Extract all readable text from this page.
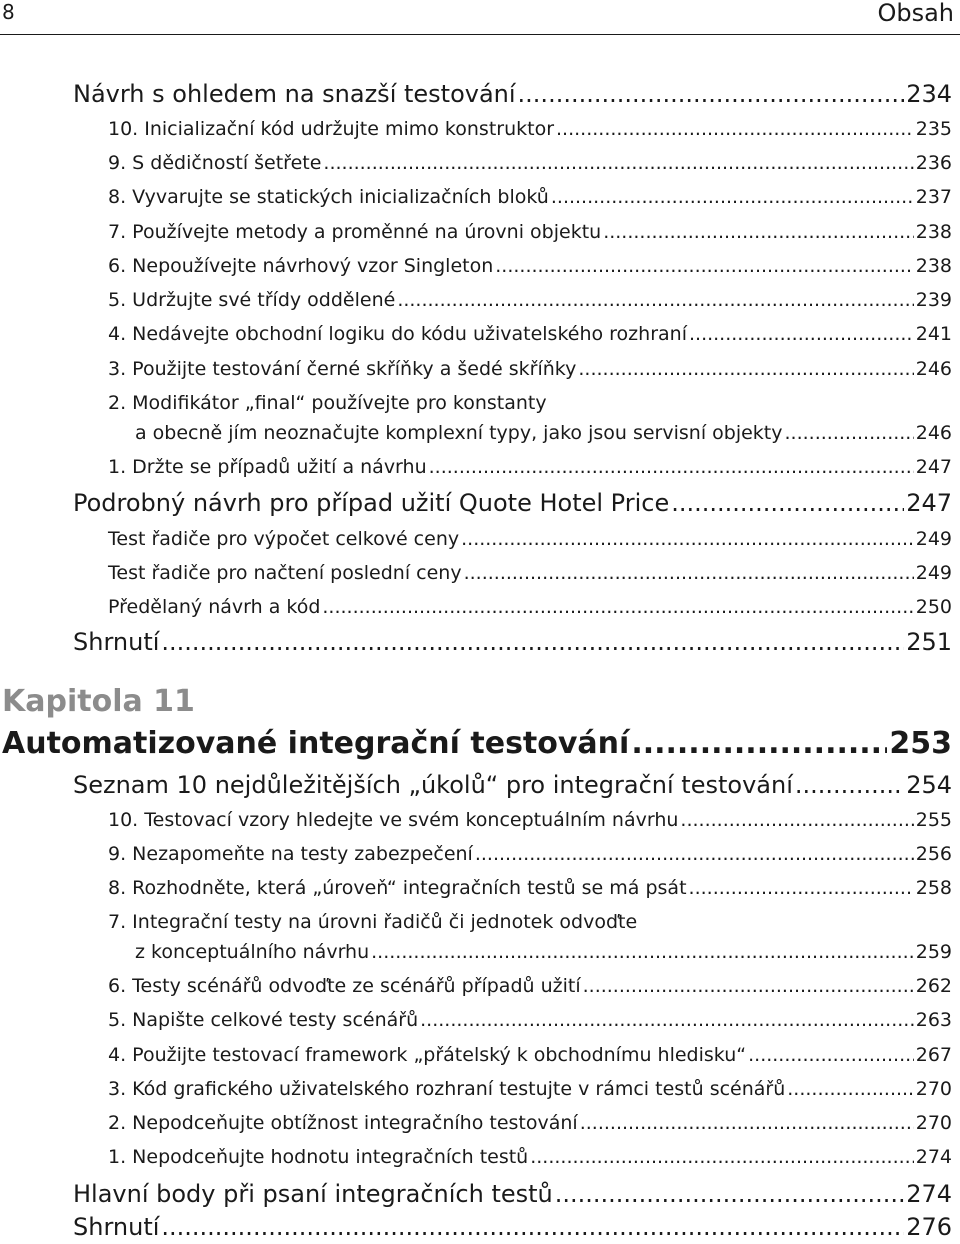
8	Obsah
Návrh s ohledem na snazší testování .....	234
10. Inicializační kód udržujte mimo konstruktor .....	235
9. S dědičností šetřete .....	236
8. Vyvarujte se statických inicializačních bloků .....	237
7. Používejte metody a proměnné na úrovni objektu .....	238
6. Nepoužívejte návrhový vzor Singleton .....	238
5. Udržujte své třídy oddělené .....	239
4. Nedávejte obchodní logiku do kódu uživatelského rozhraní .....	241
3. Použijte testování černé skříňky a šedé skříňky .....	246
2. Modifikátor „final“ používejte pro konstanty
a obecně jím neoznačujte komplexní typy, jako jsou servisní objekty .....	246
1. Držte se případů užití a návrhu .....	247
Podrobný návrh pro případ užití Quote Hotel Price .....	247
Test řadiče pro výpočet celkové ceny .....	249
Test řadiče pro načtení poslední ceny .....	249
Předělaný návrh a kód .....	250
Shrnutí .....	251
Kapitola 11
Automatizované integrační testování .....	253
Seznam 10 nejdůležitějších „úkolů“ pro integrační testování .....	254
10. Testovací vzory hledejte ve svém konceptuálním návrhu .....	255
9. Nezapomeňte na testy zabezpečení .....	256
8. Rozhodněte, která „úroveň“ integračních testů se má psát .....	258
7. Integrační testy na úrovni řadičů či jednotek odvoďte
z konceptuálního návrhu .....	259
6. Testy scénářů odvoďte ze scénářů případů užití .....	262
5. Napište celkové testy scénářů .....	263
4. Použijte testovací framework „přátelský k obchodnímu hledisku“ .....	267
3. Kód grafického uživatelského rozhraní testujte v rámci testů scénářů .....	270
2. Nepodceňujte obtížnost integračního testování .....	270
1. Nepodceňujte hodnotu integračních testů .....	274
Hlavní body při psaní integračních testů .....	274
Shrnutí .....	276
